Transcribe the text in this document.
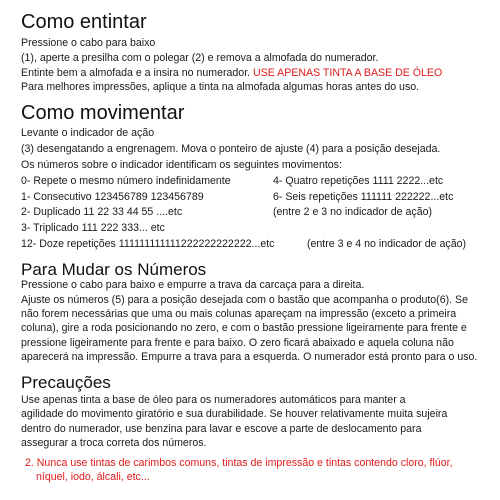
Como entintar
Pressione o cabo para baixo
(1), aperte a presilha com o polegar (2) e remova a almofada do numerador.
Entinte bem a almofada e a insira no numerador. USE APENAS TINTA A BASE DE ÓLEO
Para melhores impressões, aplique a tinta na almofada algumas horas antes do uso.
Como movimentar
Levante o indicador de ação
(3) desengatando a engrenagem. Mova o ponteiro de ajuste (4) para a posição desejada.
Os números sobre o indicador identificam os seguintes movimentos:
0- Repete o mesmo número indefinidamente
1- Consecutivo 123456789 123456789
2- Duplicado 11 22 33 44 55 ....etc
3- Triplicado 111 222 333... etc
4- Quatro repetições 1111 2222...etc
6- Seis repetições 111111 222222...etc
(entre 2 e 3 no indicador de ação)
12- Doze repetições 111111111111222222222222...etc	(entre 3 e 4 no indicador de ação)
Para Mudar os Números
Pressione o cabo para baixo e empurre a trava da carcaça para a direita.
Ajuste os números (5) para a posição desejada com o bastão que acompanha o produto(6). Se
não forem necessárias que uma ou mais colunas apareçam na impressão (exceto a primeira
coluna), gire a roda posicionando no zero, e com o bastão pressione ligeiramente para frente e
pressione ligeiramente para frente e para baixo. O zero ficará abaixado e aquela coluna não
aparecerá na impressão. Empurre a trava para a esquerda. O numerador está pronto para o uso.
Precauções
Use apenas tinta a base de óleo para os numeradores automáticos para manter a
agilidade do movimento giratório e sua durabilidade. Se houver relativamente muita sujeira
dentro do numerador, use benzina para lavar e escove a parte de deslocamento para
assegurar a troca correta dos números.
2. Nunca use tintas de carimbos comuns, tintas de impressão e tintas contendo cloro, flúor,
níquel, iodo, álcali, etc...
